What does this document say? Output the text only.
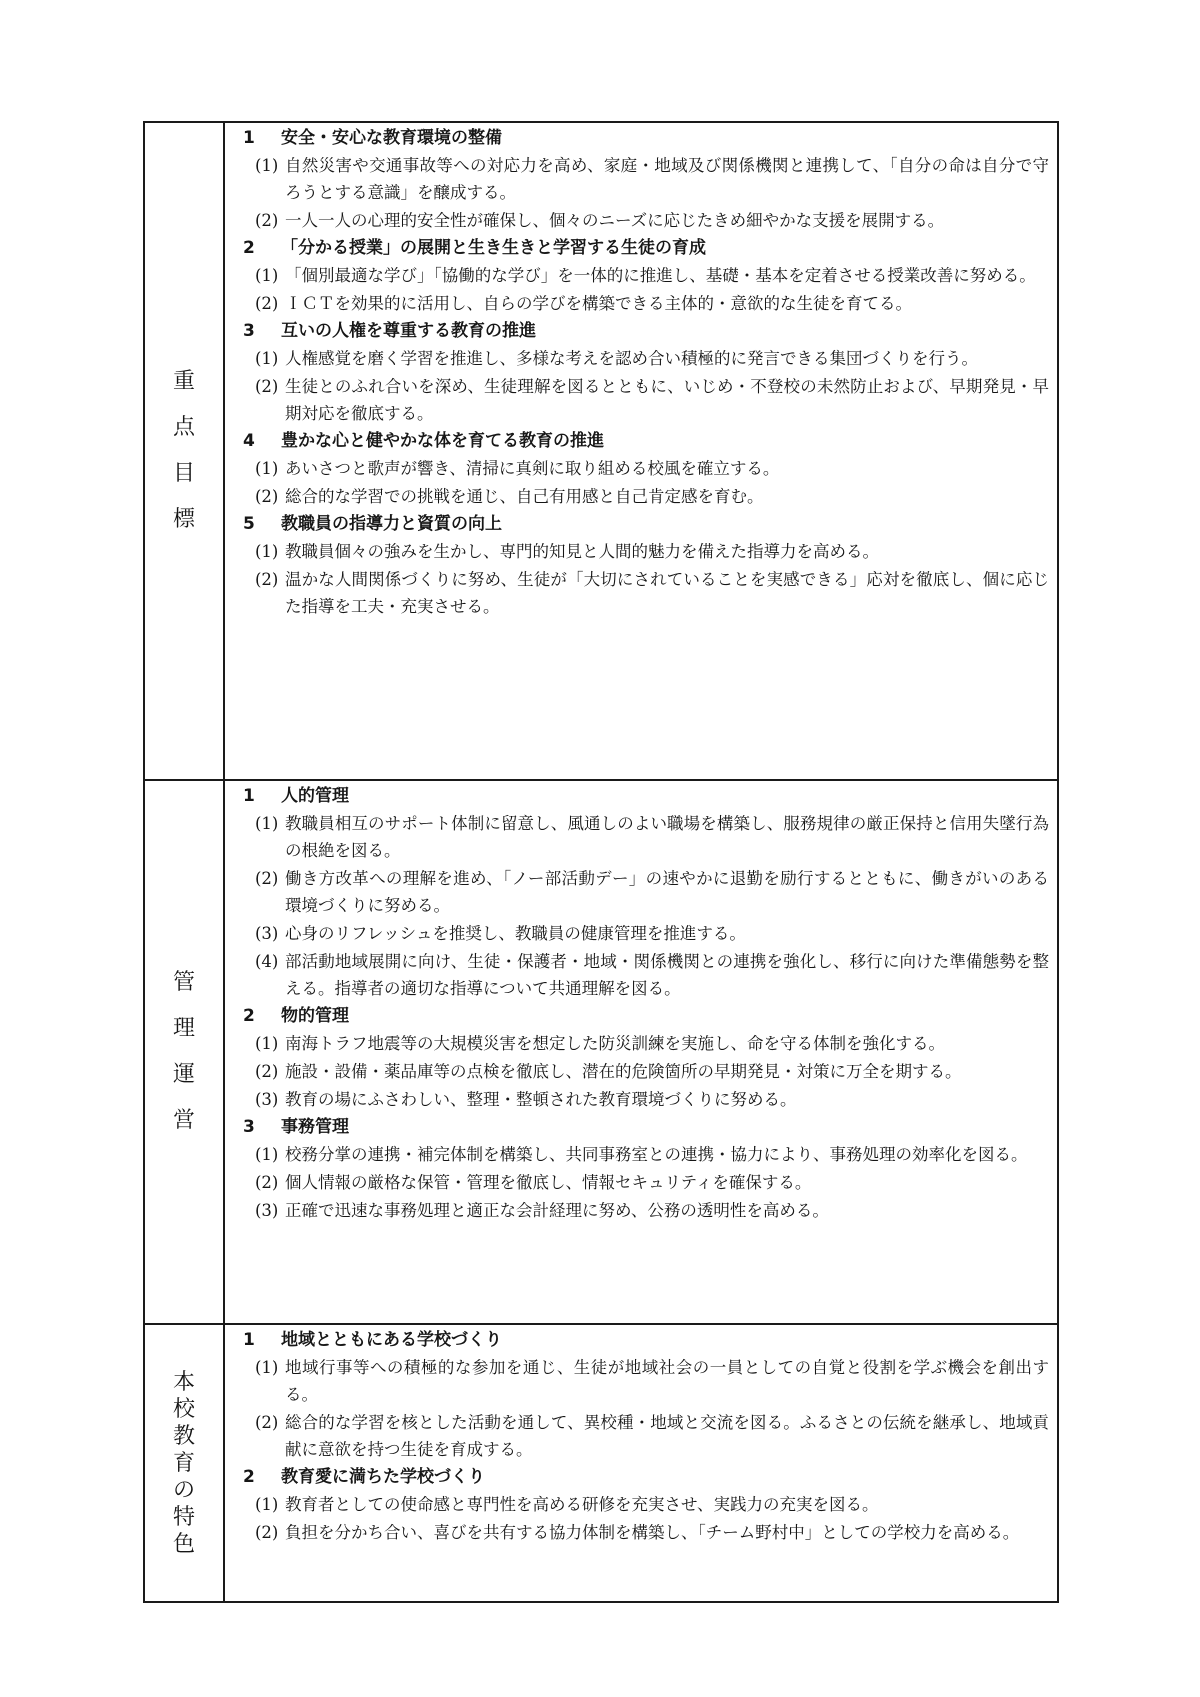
重
点
目
標
1 安全・安心な教育環境の整備
(1) 自然災害や交通事故等への対応力を高め、家庭・地域及び関係機関と連携して、「自分の命は自分で守ろうとする意識」を醸成する。
(2) 一人一人の心理的安全性が確保し、個々のニーズに応じたきめ細やかな支援を展開する。
2 「分かる授業」の展開と生き生きと学習する生徒の育成
(1) 「個別最適な学び」「協働的な学び」を一体的に推進し、基礎・基本を定着させる授業改善に努める。
(2) ＩＣＴを効果的に活用し、自らの学びを構築できる主体的・意欲的な生徒を育てる。
3 互いの人権を尊重する教育の推進
(1) 人権感覚を磨く学習を推進し、多様な考えを認め合い積極的に発言できる集団づくりを行う。
(2) 生徒とのふれ合いを深め、生徒理解を図るとともに、いじめ・不登校の未然防止および、早期発見・早期対応を徹底する。
4 豊かな心と健やかな体を育てる教育の推進
(1) あいさつと歌声が響き、清掃に真剣に取り組める校風を確立する。
(2) 総合的な学習での挑戦を通じ、自己有用感と自己肯定感を育む。
5 教職員の指導力と資質の向上
(1) 教職員個々の強みを生かし、専門的知見と人間的魅力を備えた指導力を高める。
(2) 温かな人間関係づくりに努め、生徒が「大切にされていることを実感できる」応対を徹底し、個に応じた指導を工夫・充実させる。
管
理
運
営
1 人的管理
(1) 教職員相互のサポート体制に留意し、風通しのよい職場を構築し、服務規律の厳正保持と信用失墜行為の根絶を図る。
(2) 働き方改革への理解を進め、「ノー部活動デー」の速やかに退勤を励行するとともに、働きがいのある環境づくりに努める。
(3) 心身のリフレッシュを推奨し、教職員の健康管理を推進する。
(4) 部活動地域展開に向け、生徒・保護者・地域・関係機関との連携を強化し、移行に向けた準備態勢を整える。指導者の適切な指導について共通理解を図る。
2 物的管理
(1) 南海トラフ地震等の大規模災害を想定した防災訓練を実施し、命を守る体制を強化する。
(2) 施設・設備・薬品庫等の点検を徹底し、潜在的危険箇所の早期発見・対策に万全を期する。
(3) 教育の場にふさわしい、整理・整頓された教育環境づくりに努める。
3 事務管理
(1) 校務分掌の連携・補完体制を構築し、共同事務室との連携・協力により、事務処理の効率化を図る。
(2) 個人情報の厳格な保管・管理を徹底し、情報セキュリティを確保する。
(3) 正確で迅速な事務処理と適正な会計経理に努め、公務の透明性を高める。
本
校
教
育
の
特
色
1 地域とともにある学校づくり
(1) 地域行事等への積極的な参加を通じ、生徒が地域社会の一員としての自覚と役割を学ぶ機会を創出する。
(2) 総合的な学習を核とした活動を通して、異校種・地域と交流を図る。ふるさとの伝統を継承し、地域貢献に意欲を持つ生徒を育成する。
2 教育愛に満ちた学校づくり
(1) 教育者としての使命感と専門性を高める研修を充実させ、実践力の充実を図る。
(2) 負担を分かち合い、喜びを共有する協力体制を構築し、「チーム野村中」としての学校力を高める。
